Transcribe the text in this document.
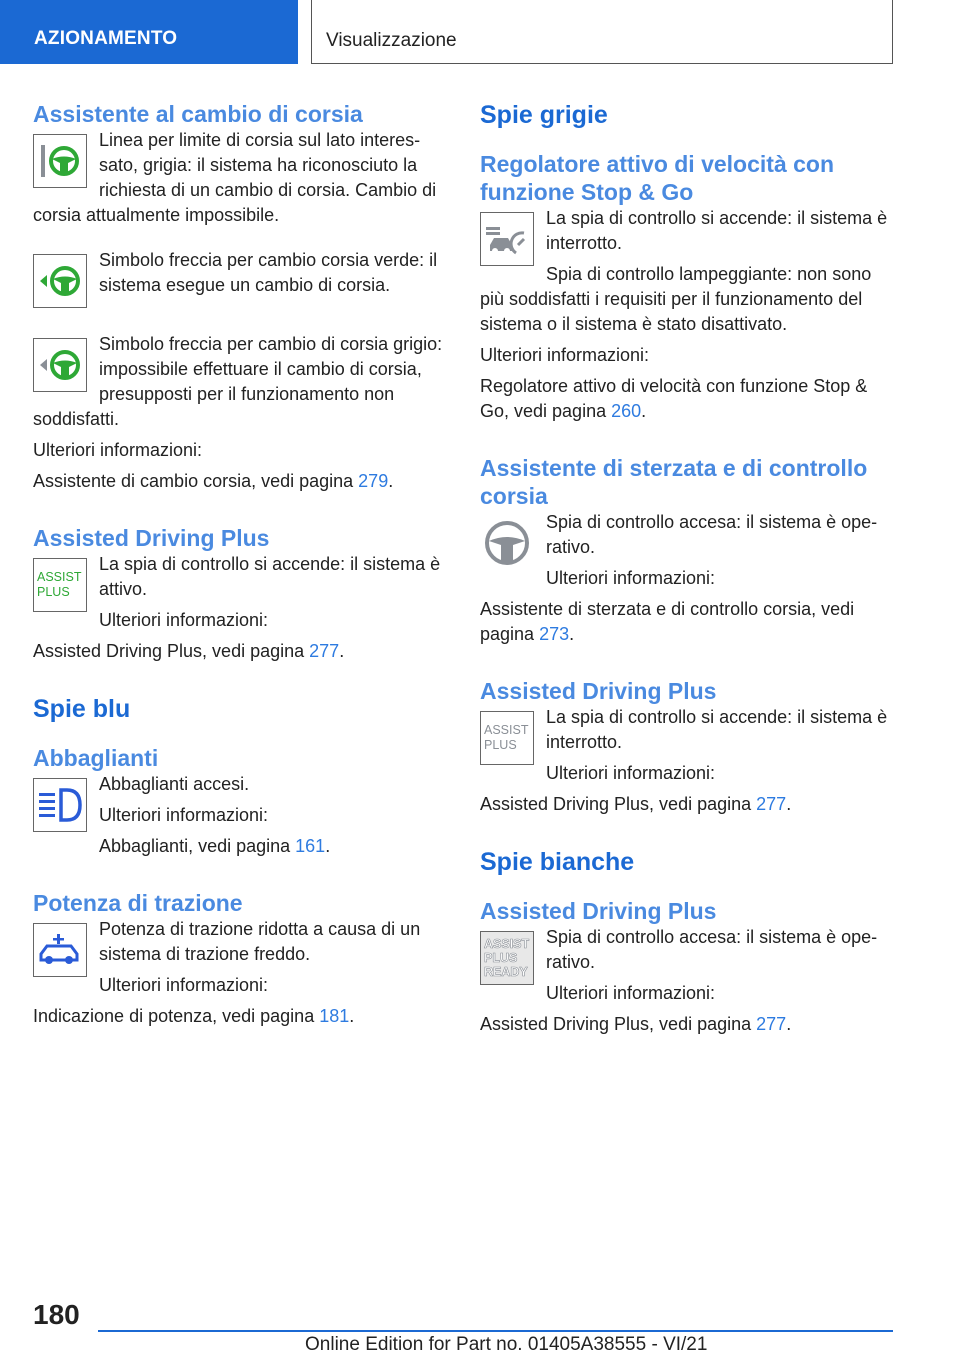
AZIONAMENTO	Visualizzazione
Assistente al cambio di corsia

Linea per limite di corsia sul lato interessato, grigia: il sistema ha riconosciuto la richiesta di un cambio di corsia. Cambio di corsia attualmente impossibile.

Simbolo freccia per cambio corsia verde: il sistema esegue un cambio di corsia.

Simbolo freccia per cambio di corsia grigio: impossibile effettuare il cambio di corsia, presupposti per il funzionamento non soddisfatti.

Ulteriori informazioni:

Assistente di cambio corsia, vedi pagina 279.

Assisted Driving Plus
ASSIST
PLUS

La spia di controllo si accende: il sistema è attivo.

Ulteriori informazioni:

Assisted Driving Plus, vedi pagina 277.

Spie blu
Abbaglianti

Abbaglianti accesi.

Ulteriori informazioni:

Abbaglianti, vedi pagina 161.

Potenza di trazione

Potenza di trazione ridotta a causa di un sistema di trazione freddo.

Ulteriori informazioni:

Indicazione di potenza, vedi pagina 181.

Spie grigie
Regolatore attivo di velocità con funzione Stop & Go

La spia di controllo si accende: il sistema è interrotto.

Spia di controllo lampeggiante: non sono più soddisfatti i requisiti per il funzionamento del sistema o il sistema è stato disattivato.

Ulteriori informazioni:

Regolatore attivo di velocità con funzione Stop & Go, vedi pagina 260.

Assistente di sterzata e di controllo corsia

Spia di controllo accesa: il sistema è operativo.

Ulteriori informazioni:

Assistente di sterzata e di controllo corsia, vedi pagina 273.

Assisted Driving Plus
ASSIST
PLUS

La spia di controllo si accende: il sistema è interrotto.

Ulteriori informazioni:

Assisted Driving Plus, vedi pagina 277.

Spie bianche
Assisted Driving Plus
ASSIST
PLUS
READY

Spia di controllo accesa: il sistema è operativo.

Ulteriori informazioni:

Assisted Driving Plus, vedi pagina 277.

180
Online Edition for Part no. 01405A38555 - VI/21
